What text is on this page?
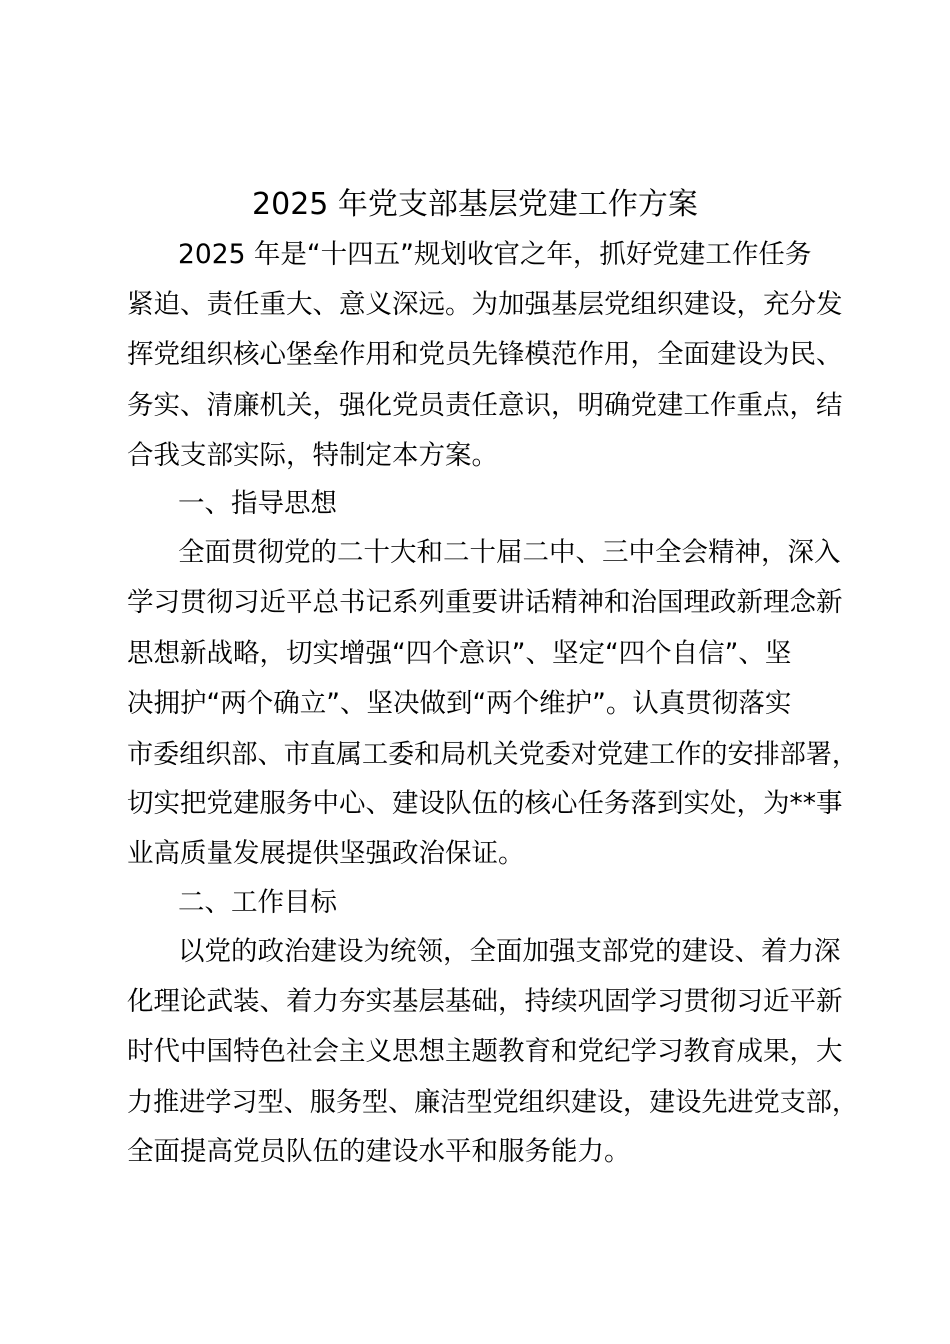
2025 年党支部基层党建工作方案
2025 年是“十四五”规划收官之年，抓好党建工作任务
紧迫、责任重大、意义深远。为加强基层党组织建设，充分发
挥党组织核心堡垒作用和党员先锋模范作用，全面建设为民、
务实、清廉机关，强化党员责任意识，明确党建工作重点，结
合我支部实际，特制定本方案。
一、指导思想
全面贯彻党的二十大和二十届二中、三中全会精神，深入
学习贯彻习近平总书记系列重要讲话精神和治国理政新理念新
思想新战略，切实增强“四个意识”、坚定“四个自信”、坚
决拥护“两个确立”、坚决做到“两个维护”。认真贯彻落实
市委组织部、市直属工委和局机关党委对党建工作的安排部署，
切实把党建服务中心、建设队伍的核心任务落到实处，为**事
业高质量发展提供坚强政治保证。
二、工作目标
以党的政治建设为统领，全面加强支部党的建设、着力深
化理论武装、着力夯实基层基础，持续巩固学习贯彻习近平新
时代中国特色社会主义思想主题教育和党纪学习教育成果，大
力推进学习型、服务型、廉洁型党组织建设，建设先进党支部，
全面提高党员队伍的建设水平和服务能力。
